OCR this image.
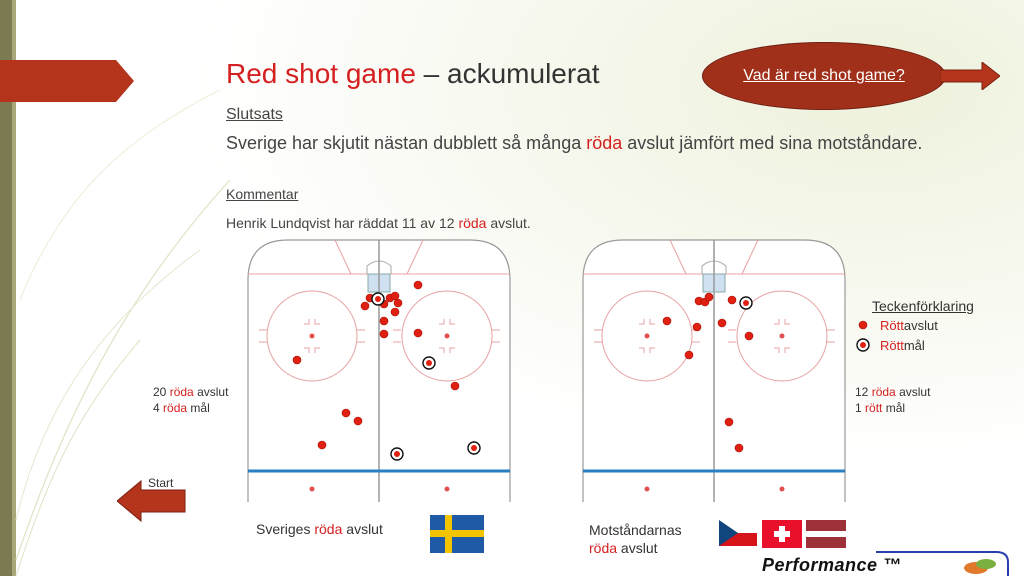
Red shot game – ackumulerat
Slutsats
Sverige har skjutit nästan dubblett så många röda avslut jämfört med sina motståndare.
Kommentar
Henrik Lundqvist har räddat 11 av 12 röda avslut.
Vad är red shot game?
20 röda avslut
4 röda mål
12 röda avslut
1 rött mål
Teckenförklaring
Rött avslut
Rött mål
Sveriges röda avslut	Motståndarnas
röda avslut
Start
Performance ™
